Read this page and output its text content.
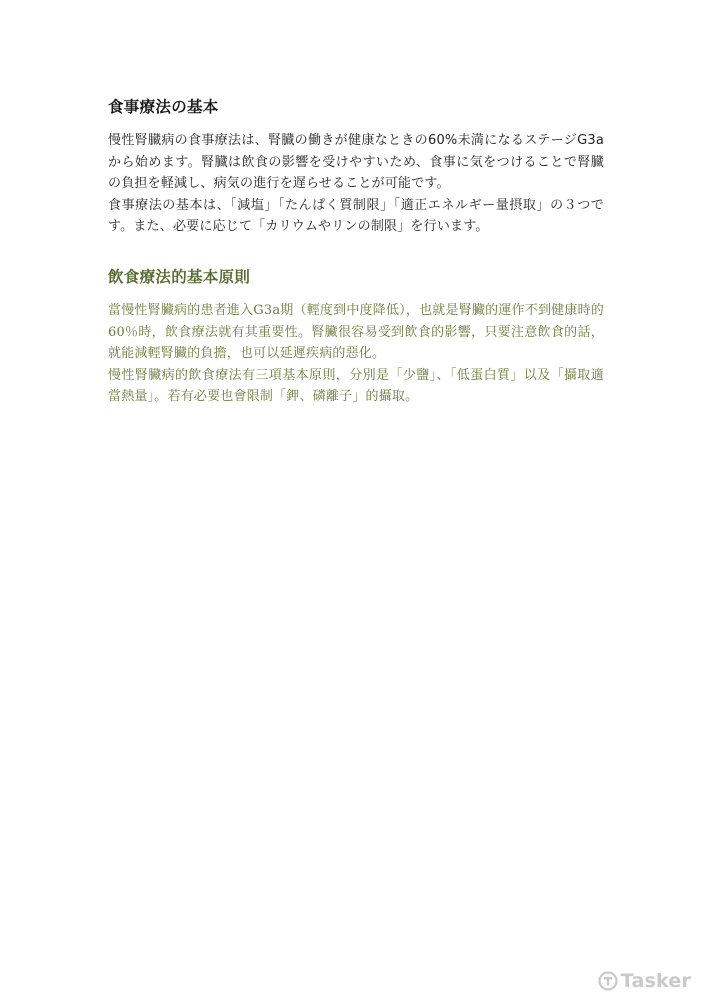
食事療法の基本

慢性腎臓病の食事療法は、腎臓の働きが健康なときの60%未満になるステージG3aから始めます。腎臓は飲食の影響を受けやすいため、食事に気をつけることで腎臓の負担を軽減し、病気の進行を遅らせることが可能です。

食事療法の基本は、「減塩」「たんぱく質制限」「適正エネルギー量摂取」の３つです。また、必要に応じて「カリウムやリンの制限」を行います。

飲食療法的基本原則

當慢性腎臟病的患者進入G3a期（輕度到中度降低），也就是腎臟的運作不到健康時的60％時，飲食療法就有其重要性。腎臟很容易受到飲食的影響，只要注意飲食的話，就能減輕腎臟的負擔，也可以延遲疾病的惡化。

慢性腎臟病的飲食療法有三項基本原則，分別是「少鹽」、「低蛋白質」以及「攝取適當熱量」。若有必要也會限制「鉀、磷離子」的攝取。

Tasker
